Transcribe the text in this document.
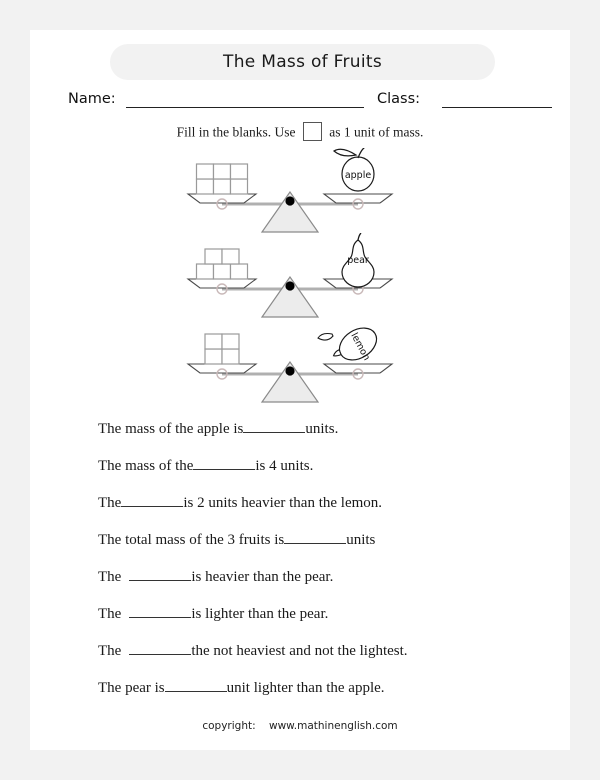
The Mass of Fruits
Name:	Class:
Fill in the blanks. Use	as 1 unit of mass.
apple
pear
lemon
The mass of the apple is	units.
The mass of the	is 4 units.
The	is 2 units heavier than the lemon.
The total mass of the 3 fruits is	units
The	is heavier than the pear.
The	is lighter than the pear.
The	the not heaviest and not the lightest.
The pear is	unit lighter than the apple.
copyright: www.mathinenglish.com
